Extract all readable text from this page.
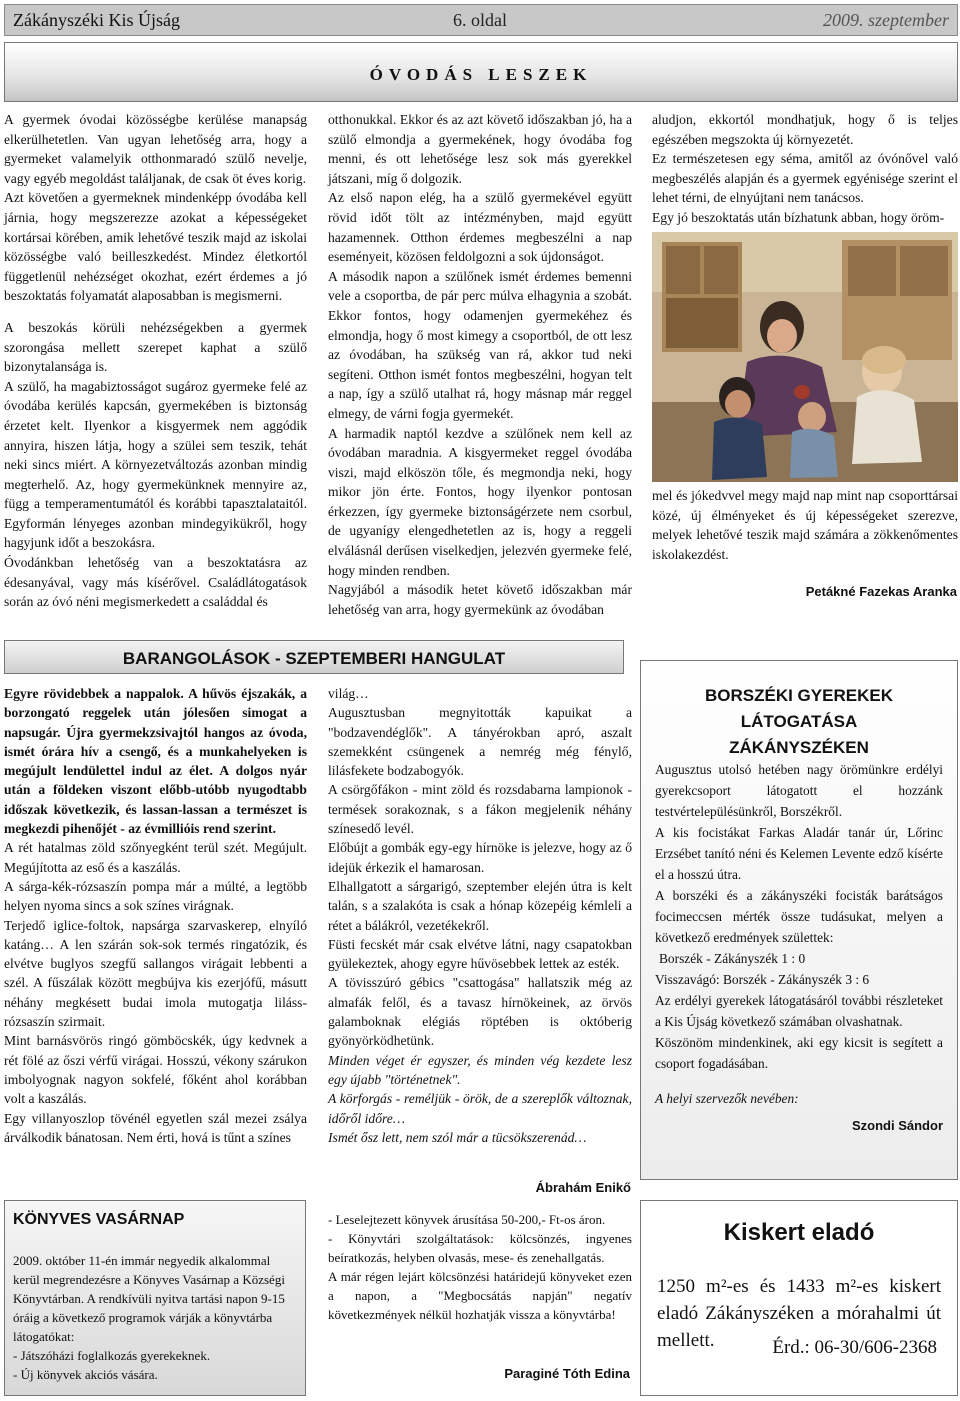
Zákányszéki Kis Újság	6. oldal	2009. szeptember
ÓVODÁS LESZEK

A gyermek óvodai közösségbe kerülése manapság elkerülhetetlen. Van ugyan lehetőség arra, hogy a gyermeket valamelyik otthonmaradó szülő nevelje, vagy egyéb megoldást találjanak, de csak öt éves korig.

Azt követően a gyermeknek mindenképp óvodába kell járnia, hogy megszerezze azokat a képességeket kortársai körében, amik lehetővé teszik majd az iskolai közösségbe való beilleszkedést. Mindez életkortól függetlenül nehézséget okozhat, ezért érdemes a jó beszoktatás folyamatát alaposabban is megismerni.

A beszokás körüli nehézségekben a gyermek szorongása mellett szerepet kaphat a szülő bizonytalansága is.

A szülő, ha magabiztosságot sugároz gyermeke felé az óvodába kerülés kapcsán, gyermekében is biztonság érzetet kelt. Ilyenkor a kisgyermek nem aggódik annyira, hiszen látja, hogy a szülei sem teszik, tehát neki sincs miért. A környezetváltozás azonban mindig megterhelő. Az, hogy gyermekünknek mennyire az, függ a temperamentumától és korábbi tapasztalataitól. Egyformán lényeges azonban mindegyikükről, hogy hagyjunk időt a beszokásra.

Óvodánkban lehetőség van a beszoktatásra az édesanyával, vagy más kísérővel. Családlátogatások során az óvó néni megismerkedett a családdal és

otthonukkal. Ekkor és az azt követő időszakban jó, ha a szülő elmondja a gyermekének, hogy óvodába fog menni, és ott lehetősége lesz sok más gyerekkel játszani, míg ő dolgozik.

Az első napon elég, ha a szülő gyermekével együtt rövid időt tölt az intézményben, majd együtt hazamennek. Otthon érdemes megbeszélni a nap eseményeit, közösen feldolgozni a sok újdonságot.

A második napon a szülőnek ismét érdemes bemenni vele a csoportba, de pár perc múlva elhagynia a szobát. Ekkor fontos, hogy odamenjen gyermekéhez és elmondja, hogy ő most kimegy a csoportból, de ott lesz az óvodában, ha szükség van rá, akkor tud neki segíteni. Otthon ismét fontos megbeszélni, hogyan telt a nap, így a szülő utalhat rá, hogy másnap már reggel elmegy, de várni fogja gyermekét.

A harmadik naptól kezdve a szülőnek nem kell az óvodában maradnia. A kisgyermeket reggel óvodába viszi, majd elköszön tőle, és megmondja neki, hogy mikor jön érte. Fontos, hogy ilyenkor pontosan érkezzen, így gyermeke biztonságérzete nem csorbul, de ugyanígy elengedhetetlen az is, hogy a reggeli elválásnál derűsen viselkedjen, jelezvén gyermeke felé, hogy minden rendben.

Nagyjából a második hetet követő időszakban már lehetőség van arra, hogy gyermekünk az óvodában

aludjon, ekkortól mondhatjuk, hogy ő is teljes egészében megszokta új környezetét.

Ez természetesen egy séma, amitől az óvónővel való megbeszélés alapján és a gyermek egyénisége szerint el lehet térni, de elnyújtani nem tanácsos.

Egy jó beszoktatás után bízhatunk abban, hogy öröm-

mel és jókedvvel megy majd nap mint nap csoporttársai közé, új élményeket és új képességeket szerezve, melyek lehetővé teszik majd számára a zökkenőmentes iskolakezdést.

Petákné Fazekas Aranka
BARANGOLÁSOK - SZEPTEMBERI HANGULAT

Egyre rövidebbek a nappalok. A hűvös éjszakák, a borzongató reggelek után jólesően simogat a napsugár. Újra gyermekzsivajtól hangos az óvoda, ismét órára hív a csengő, és a munkahelyeken is megújult lendülettel indul az élet. A dolgos nyár után a földeken viszont előbb-utóbb nyugodtabb időszak következik, és lassan-lassan a természet is megkezdi pihenőjét - az évmillióis rend szerint.

A rét hatalmas zöld szőnyegként terül szét. Megújult. Megújította az eső és a kaszálás.

A sárga-kék-rózsaszín pompa már a múlté, a legtöbb helyen nyoma sincs a sok színes virágnak.

Terjedő iglice-foltok, napsárga szarvaskerep, elnyíló katáng… A len szárán sok-sok termés ringatózik, és elvétve buglyos szegfű sallangos virágait lebbenti a szél. A fűszálak között megbújva kis ezerjófű, másutt néhány megkésett budai imola mutogatja liláss-rózsaszín szirmait.

Mint barnásvörös ringó gömböcskék, úgy kedvnek a rét fölé az őszi vérfű virágai. Hosszú, vékony szárukon imbolyognak nagyon sokfelé, főként ahol korábban volt a kaszálás.

Egy villanyoszlop tövénél egyetlen szál mezei zsálya árválkodik bánatosan. Nem érti, hová is tűnt a színes

világ…

Augusztusban megnyitották kapuikat a "bodzavendéglők". A tányérokban apró, aszalt szemekként csüngenek a nemrég még fénylő, lilásfekete bodzabogyók.

A csörgőfákon - mint zöld és rozsdabarna lampionok - termések sorakoznak, s a fákon megjelenik néhány színesedő levél.

Előbújt a gombák egy-egy hírnöke is jelezve, hogy az ő idejük érkezik el hamarosan.

Elhallgatott a sárgarigó, szeptember elején útra is kelt talán, s a szalakóta is csak a hónap közepéig kémleli a rétet a bálákról, vezetékekről.

Füsti fecskét már csak elvétve látni, nagy csapatokban gyülekeztek, ahogy egyre hűvösebbek lettek az esték.

A tövisszúró gébics "csattogása" hallatszik még az almafák felől, és a tavasz hírnökeinek, az örvös galamboknak elégiás röptében is októberig gyönyörködhetünk.

Minden véget ér egyszer, és minden vég kezdete lesz egy újabb "történetnek".

A körforgás - reméljük - örök, de a szereplők változnak, időről időre…

Ismét ősz lett, nem szól már a tücsökszerenád…

Ábrahám Enikő
BORSZÉKI GYEREKEK LÁTOGATÁSA
ZÁKÁNYSZÉKEN

Augusztus utolsó hetében nagy örömünkre erdélyi gyerekcsoport látogatott el hozzánk testvértelepülésünkről, Borszékről.

A kis focistákat Farkas Aladár tanár úr, Lőrinc Erzsébet tanító néni és Kelemen Levente edző kísérte el a hosszú útra.

A borszéki és a zákányszéki focisták barátságos focimeccsen mérték össze tudásukat, melyen a következő eredmények születtek:

Borszék - Zákányszék 1 : 0

Visszavágó: Borszék - Zákányszék 3 : 6

Az erdélyi gyerekek látogatásáról további részleteket a Kis Újság következő számában olvashatnak.

Köszönöm mindenkinek, aki egy kicsit is segített a csoport fogadásában.

A helyi szervezők nevében:

Szondi Sándor

KÖNYVES VASÁRNAP

2009. október 11-én immár negyedik alkalommal kerül megrendezésre a Könyves Vasárnap a Községi Könyvtárban. A rendkívüli nyitva tartási napon 9-15 óráig a következő programok várják a könyvtárba látogatókat:

- Játszóházi foglalkozás gyerekeknek.

- Új könyvek akciós vására.

- Leselejtezett könyvek árusítása 50-200,- Ft-os áron.

- Könyvtári szolgáltatások: kölcsönzés, ingyenes beíratkozás, helyben olvasás, mese- és zenehallgatás.

A már régen lejárt kölcsönzési határidejű könyveket ezen a napon, a "Megbocsátás napján" negatív következmények nélkül hozhatják vissza a könyvtárba!

Paraginé Tóth Edina
Kiskert eladó
1250 m²-es és 1433 m²-es kiskert eladó Zákányszéken a mórahalmi út mellett.	Érd.: 06-30/606-2368
